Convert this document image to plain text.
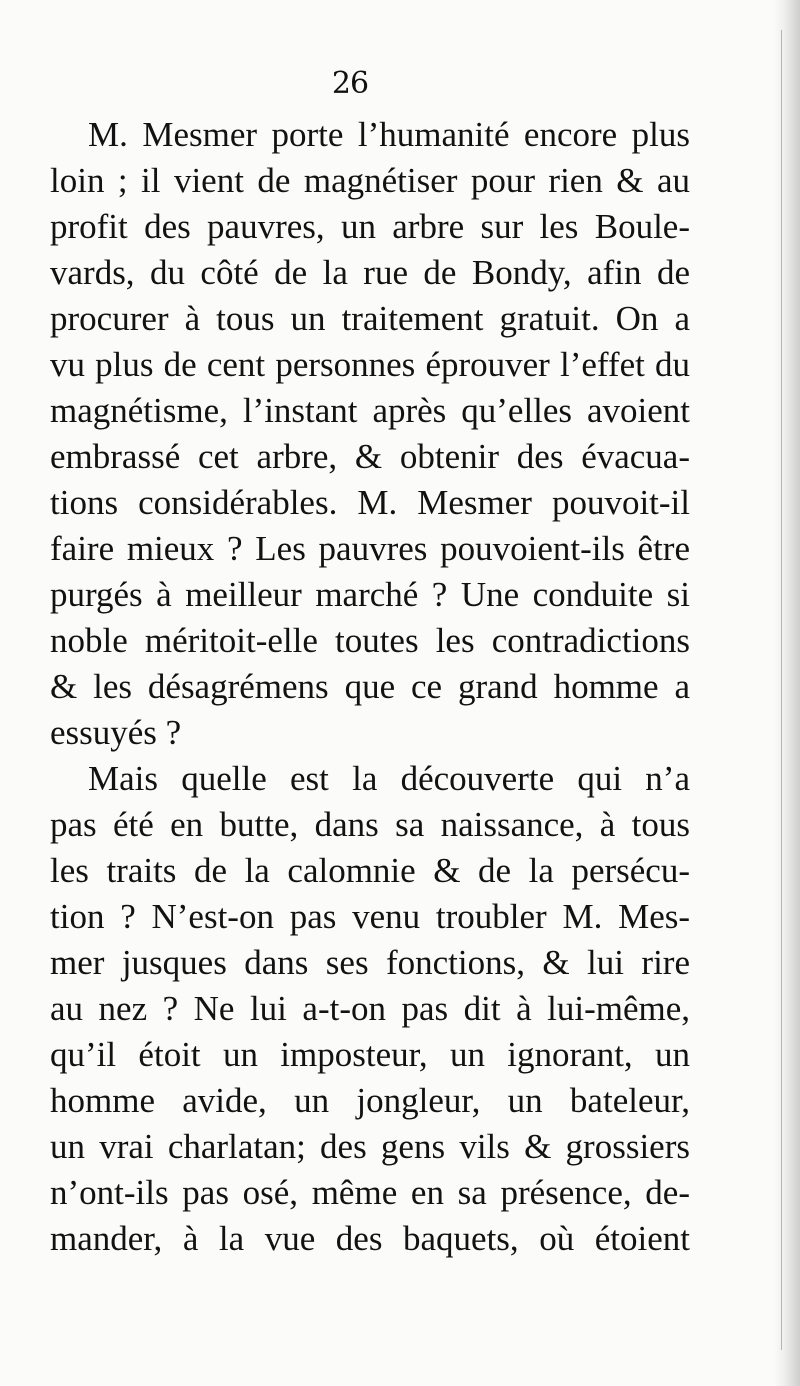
26
M. Mesmer porte l’humanité encore plus
loin ; il vient de magnétiser pour rien & au
profit des pauvres, un arbre sur les Boule-
vards, du côté de la rue de Bondy, afin de
procurer à tous un traitement gratuit. On a
vu plus de cent personnes éprouver l’effet du
magnétisme, l’instant après qu’elles avoient
embrassé cet arbre, & obtenir des évacua-
tions considérables. M. Mesmer pouvoit-il
faire mieux ? Les pauvres pouvoient-ils être
purgés à meilleur marché ? Une conduite si
noble méritoit-elle toutes les contradictions
& les désagrémens que ce grand homme a
essuyés ?
Mais quelle est la découverte qui n’a
pas été en butte, dans sa naissance, à tous
les traits de la calomnie & de la persécu-
tion ? N’est-on pas venu troubler M. Mes-
mer jusques dans ses fonctions, & lui rire
au nez ? Ne lui a-t-on pas dit à lui-même,
qu’il étoit un imposteur, un ignorant, un
homme avide, un jongleur, un bateleur,
un vrai charlatan; des gens vils & grossiers
n’ont-ils pas osé, même en sa présence, de-
mander, à la vue des baquets, où étoient
